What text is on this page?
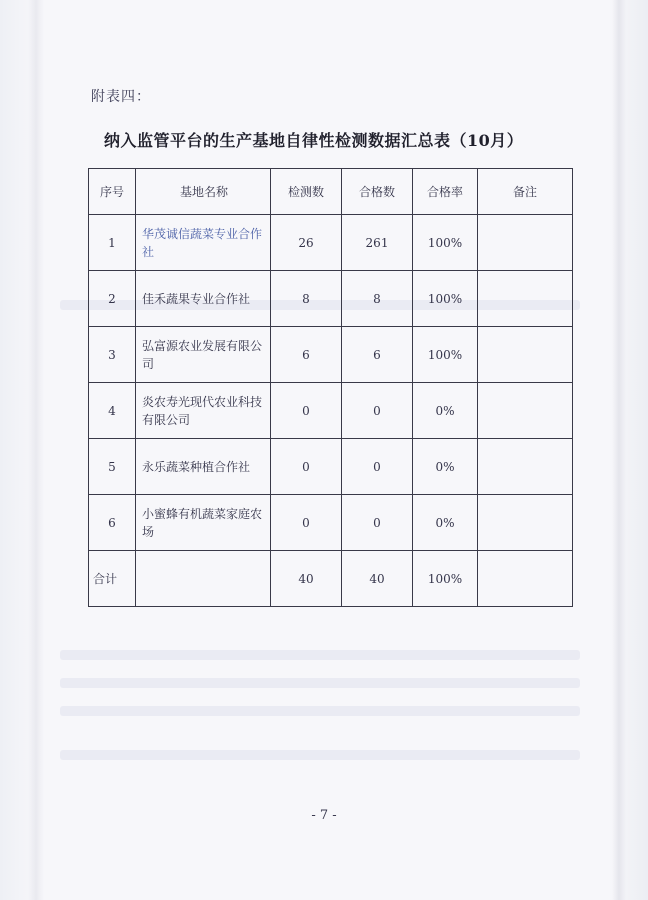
附表四：
纳入监管平台的生产基地自律性检测数据汇总表（10月）
序号	基地名称	检测数	合格数	合格率	备注
1	华茂诚信蔬菜专业合作社	26	261	100%	
2	佳禾蔬果专业合作社	8	8	100%	
3	弘富源农业发展有限公司	6	6	100%	
4	炎农寿光现代农业科技有限公司	0	0	0%	
5	永乐蔬菜种植合作社	0	0	0%	
6	小蜜蜂有机蔬菜家庭农场	0	0	0%	
合计		40	40	100%	
- 7 -
